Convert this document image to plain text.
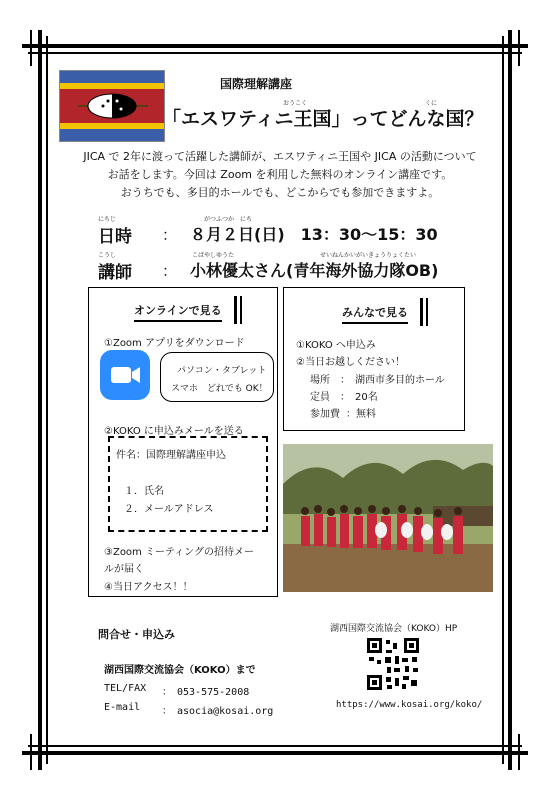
国際理解講座
「エスワティニ王国」ってどんな国？
おうこく	くに
JICA で 2年に渡って活躍した講師が、エスワティニ王国や JICA の活動について
お話をします。今回は Zoom を利用した無料のオンライン講座です。
おうちでも、多目的ホールでも、どこからでも参加できますよ。
にちじ
日時 ：
がつふつか　にち
８月２日(日)　13：30～15：30
こうし
講師 ：
こばやしゆうた	せいねんかいがいきょうりょくたい
小林優太さん(青年海外協力隊OB)
オンラインで見る
①Zoom アプリをダウンロード
パソコン・タブレット
スマホ　どれでも OK！
②KOKO に申込みメールを送る
件名：国際理解講座申込
１．氏名
２．メールアドレス
③Zoom ミーティングの招待メー
ルが届く
④当日アクセス！！
みんなで見る
①KOKO へ申込み
②当日お越しください！
場所 ：　湖西市多目的ホール
定員 ：　20名
参加費 ：無料
問合せ・申込み
湖西国際交流協会（KOKO）まで
TEL/FAX ：　053-575-2008
E-mail ：　asocia@kosai.org
湖西国際交流協会（KOKO）HP
https://www.kosai.org/koko/
